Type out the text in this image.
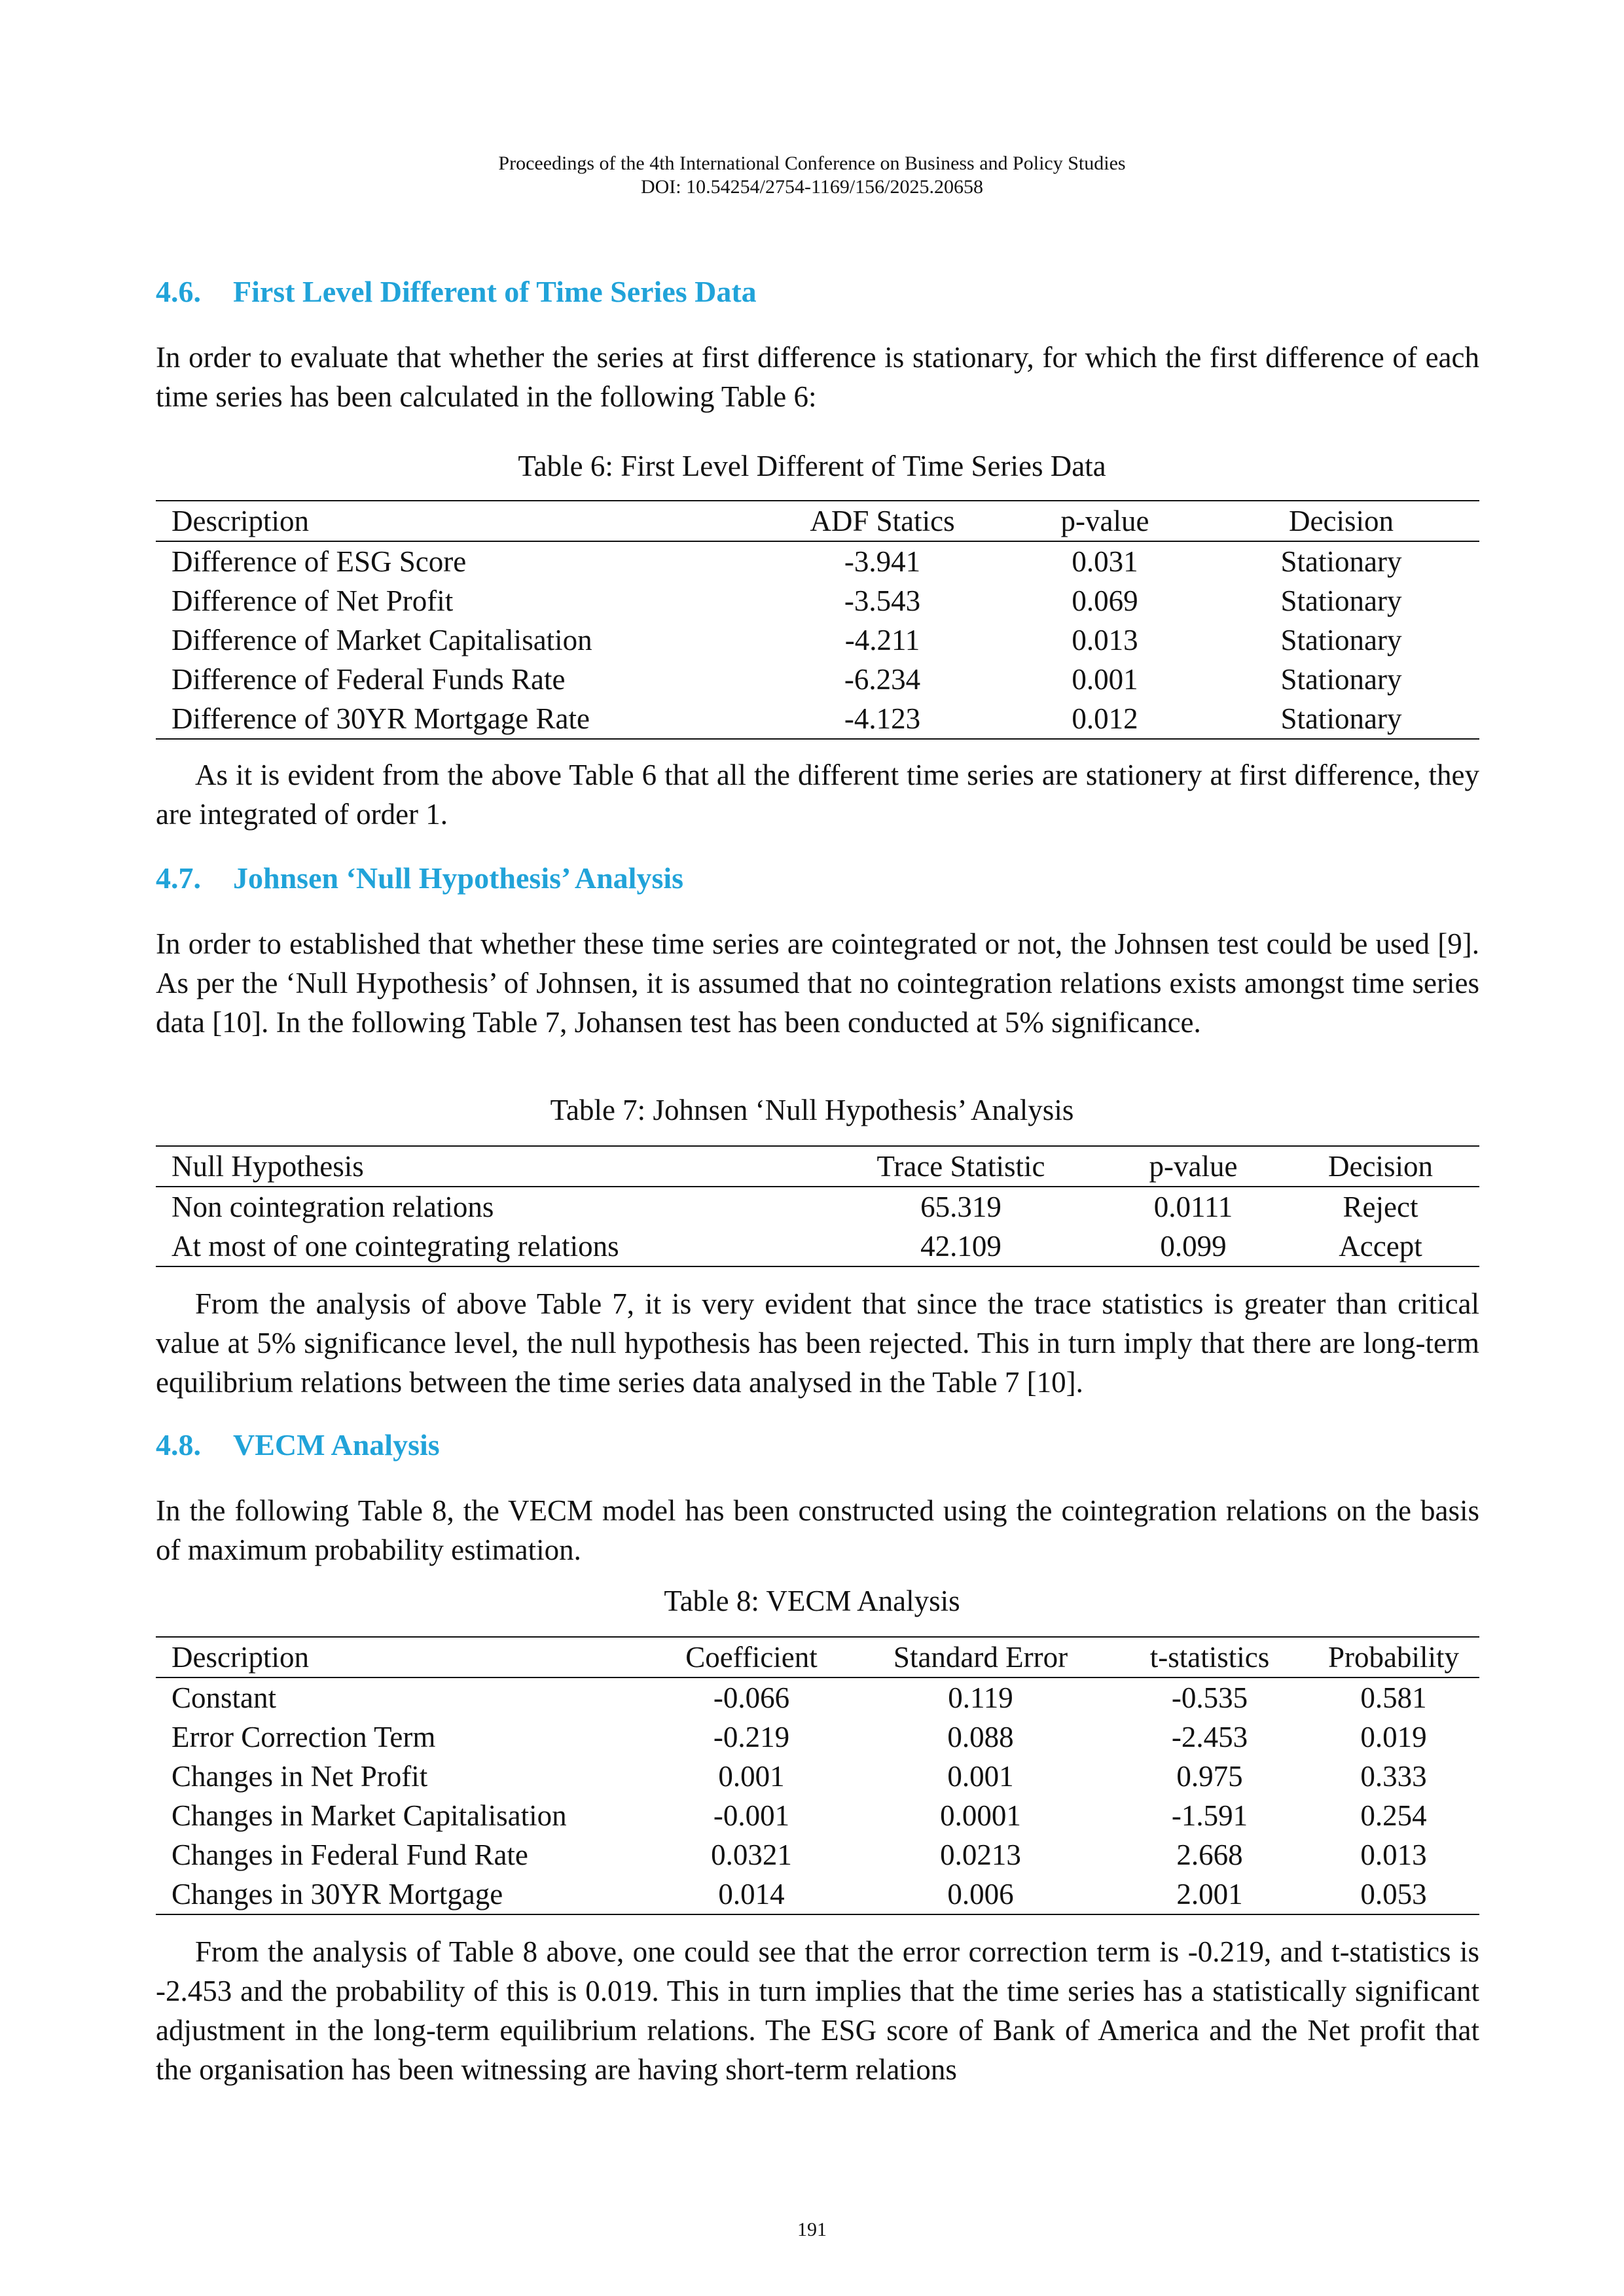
Proceedings of the 4th International Conference on Business and Policy Studies
DOI: 10.54254/2754-1169/156/2025.20658
4.6. First Level Different of Time Series Data

In order to evaluate that whether the series at first difference is stationary, for which the first difference of each time series has been calculated in the following Table 6:

Table 6: First Level Different of Time Series Data
Description	ADF Statics	p-value	Decision
Difference of ESG Score	-3.941	0.031	Stationary
Difference of Net Profit	-3.543	0.069	Stationary
Difference of Market Capitalisation	-4.211	0.013	Stationary
Difference of Federal Funds Rate	-6.234	0.001	Stationary
Difference of 30YR Mortgage Rate	-4.123	0.012	Stationary

As it is evident from the above Table 6 that all the different time series are stationery at first difference, they are integrated of order 1.

4.7. Johnsen ‘Null Hypothesis’ Analysis

In order to established that whether these time series are cointegrated or not, the Johnsen test could be used [9]. As per the ‘Null Hypothesis’ of Johnsen, it is assumed that no cointegration relations exists amongst time series data [10]. In the following Table 7, Johansen test has been conducted at 5% significance.

Table 7: Johnsen ‘Null Hypothesis’ Analysis
Null Hypothesis	Trace Statistic	p-value	Decision
Non cointegration relations	65.319	0.0111	Reject
At most of one cointegrating relations	42.109	0.099	Accept

From the analysis of above Table 7, it is very evident that since the trace statistics is greater than critical value at 5% significance level, the null hypothesis has been rejected. This in turn imply that there are long-term equilibrium relations between the time series data analysed in the Table 7 [10].

4.8. VECM Analysis

In the following Table 8, the VECM model has been constructed using the cointegration relations on the basis of maximum probability estimation.

Table 8: VECM Analysis
Description	Coefficient	Standard Error	t-statistics	Probability
Constant	-0.066	0.119	-0.535	0.581
Error Correction Term	-0.219	0.088	-2.453	0.019
Changes in Net Profit	0.001	0.001	0.975	0.333
Changes in Market Capitalisation	-0.001	0.0001	-1.591	0.254
Changes in Federal Fund Rate	0.0321	0.0213	2.668	0.013
Changes in 30YR Mortgage	0.014	0.006	2.001	0.053

From the analysis of Table 8 above, one could see that the error correction term is -0.219, and t-statistics is -2.453 and the probability of this is 0.019. This in turn implies that the time series has a statistically significant adjustment in the long-term equilibrium relations. The ESG score of Bank of America and the Net profit that the organisation has been witnessing are having short-term relations

191
